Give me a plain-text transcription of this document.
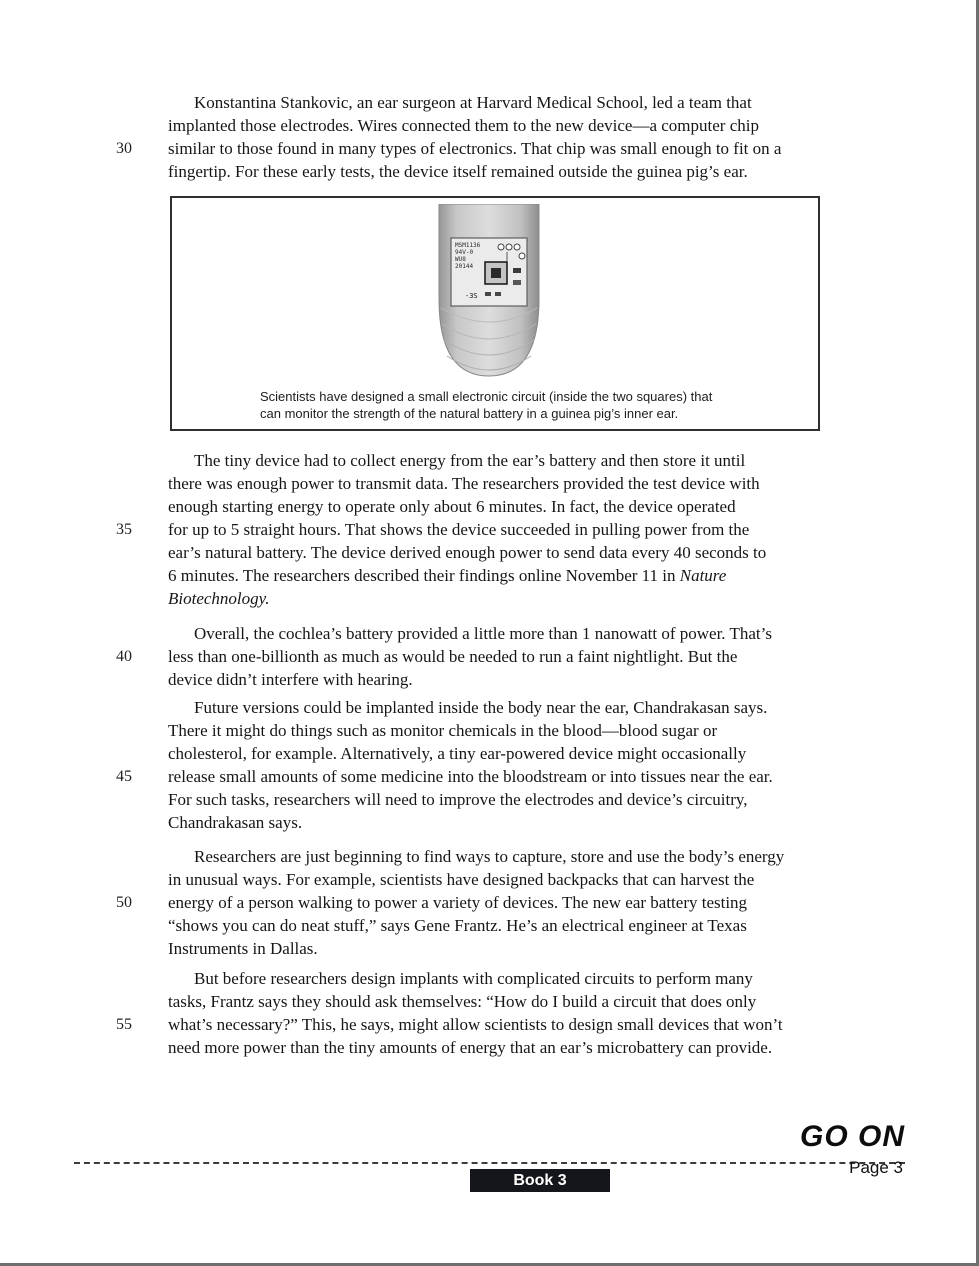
30
35
40
45
50
55
Konstantina Stankovic, an ear surgeon at Harvard Medical School, led a team that
implanted those electrodes. Wires connected them to the new device—a computer chip
similar to those found in many types of electronics. That chip was small enough to fit on a
fingertip. For these early tests, the device itself remained outside the guinea pig’s ear.
MSM1136
94V-0
WU8
20144
-3S
Scientists have designed a small electronic circuit (inside the two squares) that
can monitor the strength of the natural battery in a guinea pig’s inner ear.
The tiny device had to collect energy from the ear’s battery and then store it until
there was enough power to transmit data. The researchers provided the test device with
enough starting energy to operate only about 6 minutes. In fact, the device operated
for up to 5 straight hours. That shows the device succeeded in pulling power from the
ear’s natural battery. The device derived enough power to send data every 40 seconds to
6 minutes. The researchers described their findings online November 11 in Nature
Biotechnology.
Overall, the cochlea’s battery provided a little more than 1 nanowatt of power. That’s
less than one-billionth as much as would be needed to run a faint nightlight. But the
device didn’t interfere with hearing.
Future versions could be implanted inside the body near the ear, Chandrakasan says.
There it might do things such as monitor chemicals in the blood—blood sugar or
cholesterol, for example. Alternatively, a tiny ear-powered device might occasionally
release small amounts of some medicine into the bloodstream or into tissues near the ear.
For such tasks, researchers will need to improve the electrodes and device’s circuitry,
Chandrakasan says.
Researchers are just beginning to find ways to capture, store and use the body’s energy
in unusual ways. For example, scientists have designed backpacks that can harvest the
energy of a person walking to power a variety of devices. The new ear battery testing
“shows you can do neat stuff,” says Gene Frantz. He’s an electrical engineer at Texas
Instruments in Dallas.
But before researchers design implants with complicated circuits to perform many
tasks, Frantz says they should ask themselves: “How do I build a circuit that does only
what’s necessary?” This, he says, might allow scientists to design small devices that won’t
need more power than the tiny amounts of energy that an ear’s microbattery can provide.
GO ON
Book 3
Page 3
